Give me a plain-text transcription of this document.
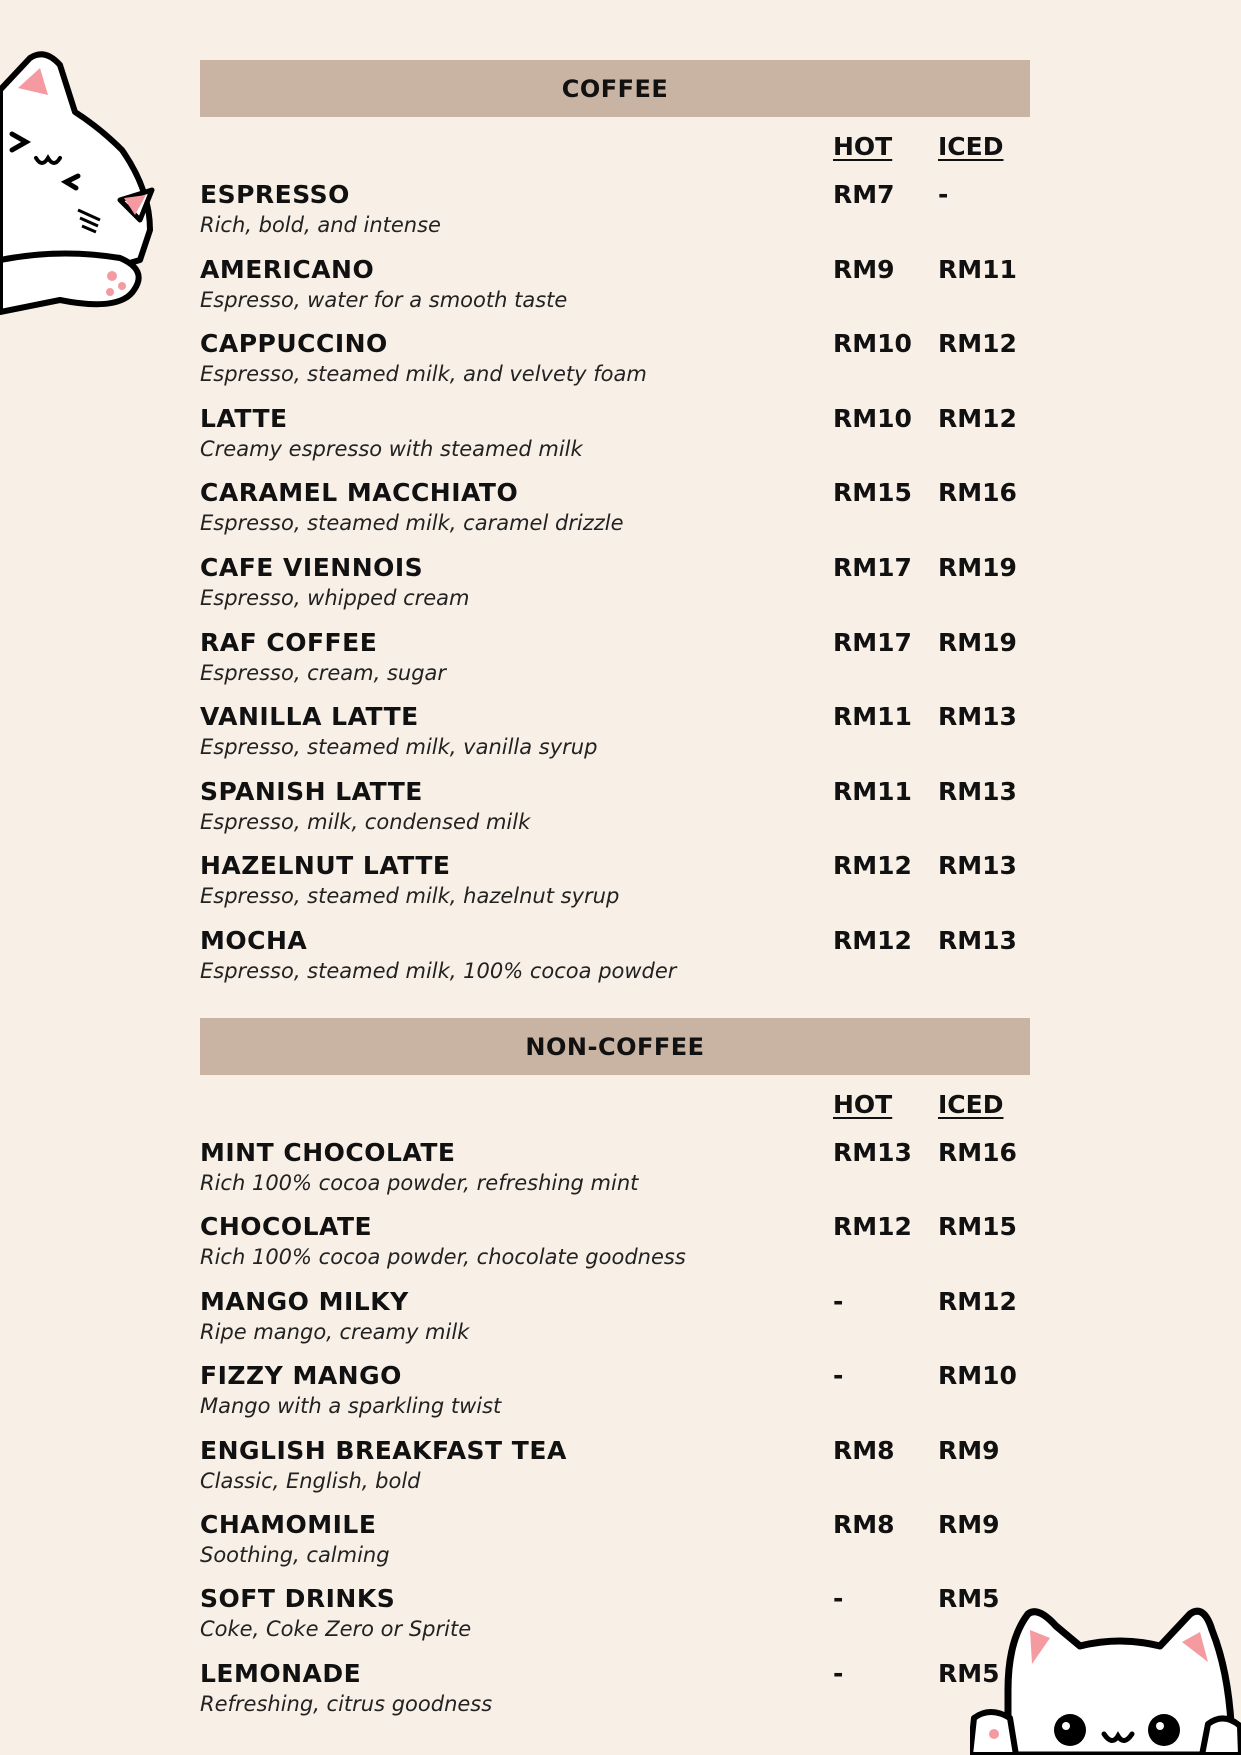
COFFEE
HOT ICED
ESPRESSO
Rich, bold, and intense
RM7 -
AMERICANO
Espresso, water for a smooth taste
RM9 RM11
CAPPUCCINO
Espresso, steamed milk, and velvety foam
RM10 RM12
LATTE
Creamy espresso with steamed milk
RM10 RM12
CARAMEL MACCHIATO
Espresso, steamed milk, caramel drizzle
RM15 RM16
CAFE VIENNOIS
Espresso, whipped cream
RM17 RM19
RAF COFFEE
Espresso, cream, sugar
RM17 RM19
VANILLA LATTE
Espresso, steamed milk, vanilla syrup
RM11 RM13
SPANISH LATTE
Espresso, milk, condensed milk
RM11 RM13
HAZELNUT LATTE
Espresso, steamed milk, hazelnut syrup
RM12 RM13
MOCHA
Espresso, steamed milk, 100% cocoa powder
RM12 RM13
NON-COFFEE
HOT ICED
MINT CHOCOLATE
Rich 100% cocoa powder, refreshing mint
RM13 RM16
CHOCOLATE
Rich 100% cocoa powder, chocolate goodness
RM12 RM15
MANGO MILKY
Ripe mango, creamy milk
-	RM12
FIZZY MANGO
Mango with a sparkling twist
-	RM10
ENGLISH BREAKFAST TEA
Classic, English, bold
RM8 RM9
CHAMOMILE
Soothing, calming
RM8 RM9
SOFT DRINKS
Coke, Coke Zero or Sprite
-	RM5
LEMONADE
Refreshing, citrus goodness
-	RM5
